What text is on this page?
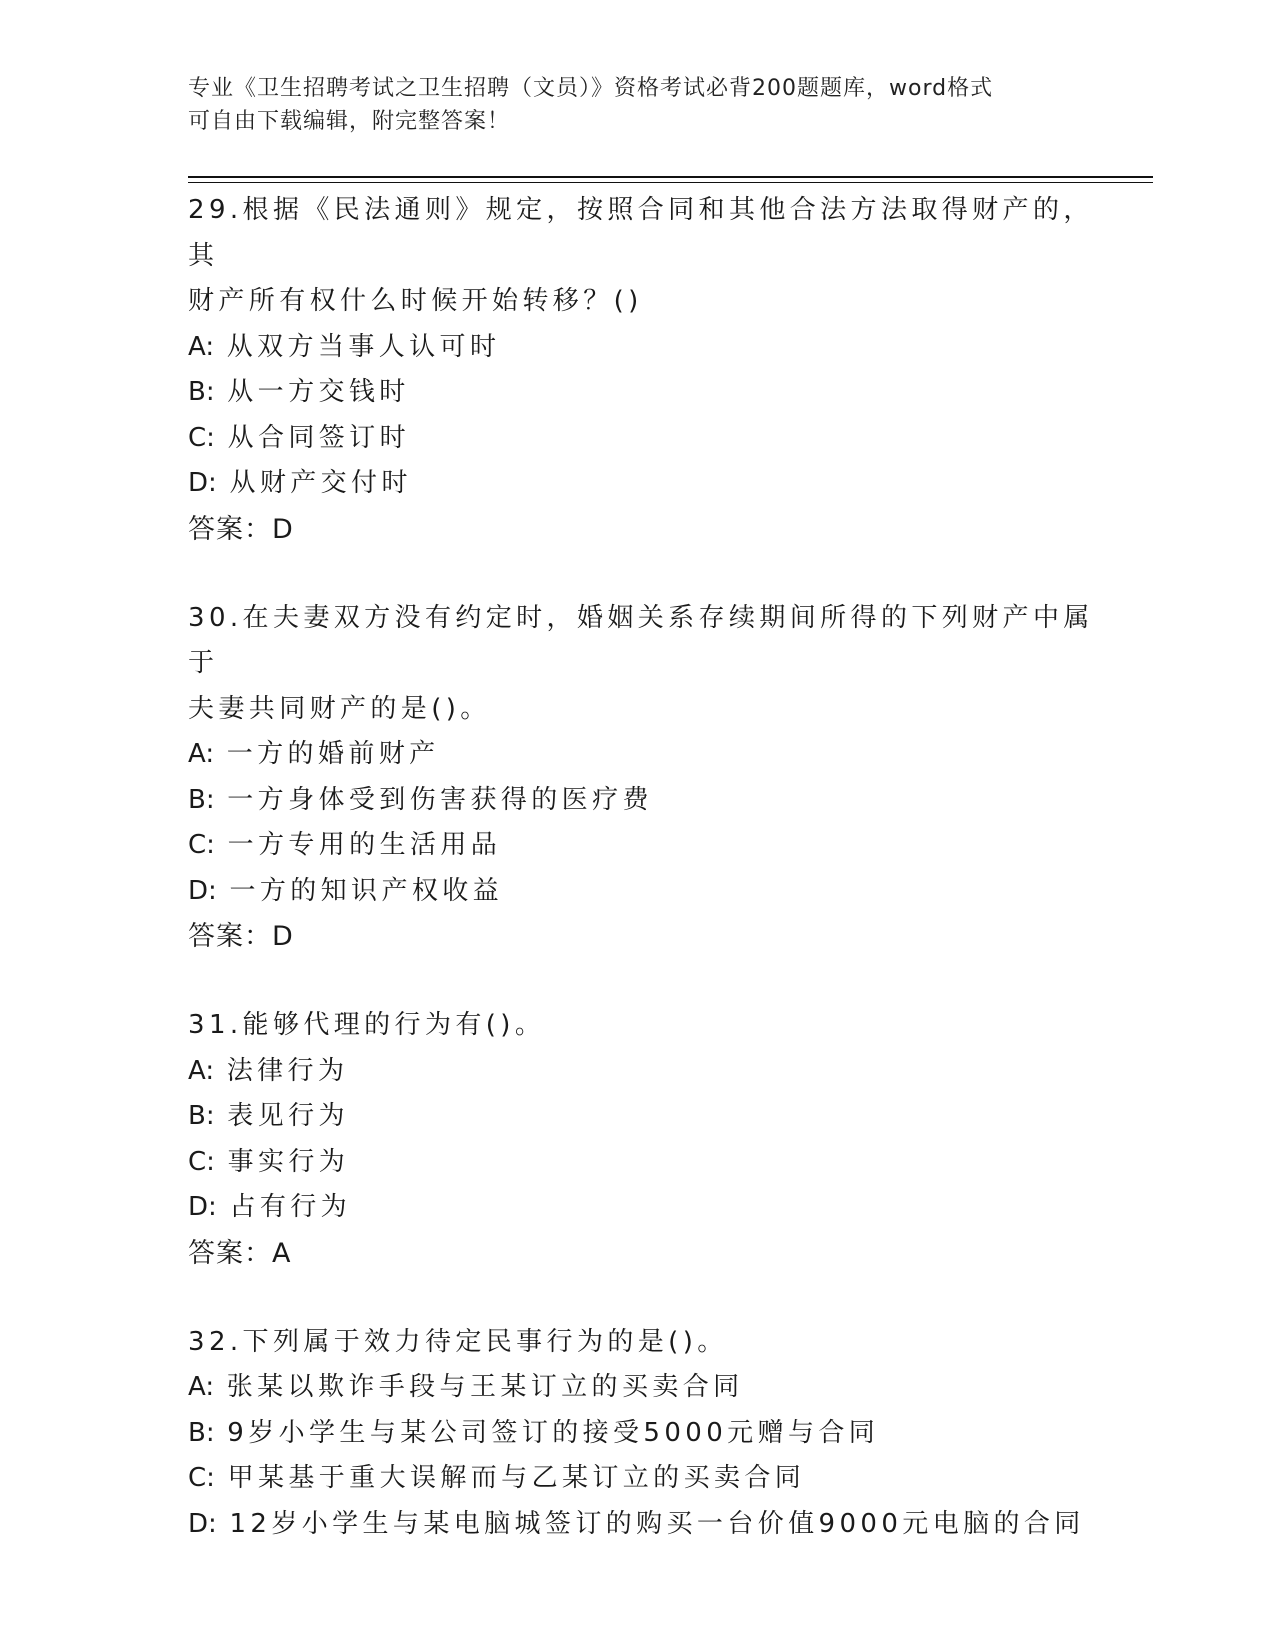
专业《卫生招聘考试之卫生招聘（文员）》资格考试必背200题题库，word格式
可自由下载编辑，附完整答案！
29.根据《民法通则》规定，按照合同和其他合法方法取得财产的，其
财产所有权什么时候开始转移？()
A: 从双方当事人认可时
B: 从一方交钱时
C: 从合同签订时
D: 从财产交付时
答案：D
30.在夫妻双方没有约定时，婚姻关系存续期间所得的下列财产中属于
夫妻共同财产的是()。
A: 一方的婚前财产
B: 一方身体受到伤害获得的医疗费
C: 一方专用的生活用品
D: 一方的知识产权收益
答案：D
31.能够代理的行为有()。
A: 法律行为
B: 表见行为
C: 事实行为
D: 占有行为
答案：A
32.下列属于效力待定民事行为的是()。
A: 张某以欺诈手段与王某订立的买卖合同
B: 9岁小学生与某公司签订的接受5000元赠与合同
C: 甲某基于重大误解而与乙某订立的买卖合同
D: 12岁小学生与某电脑城签订的购买一台价值9000元电脑的合同
